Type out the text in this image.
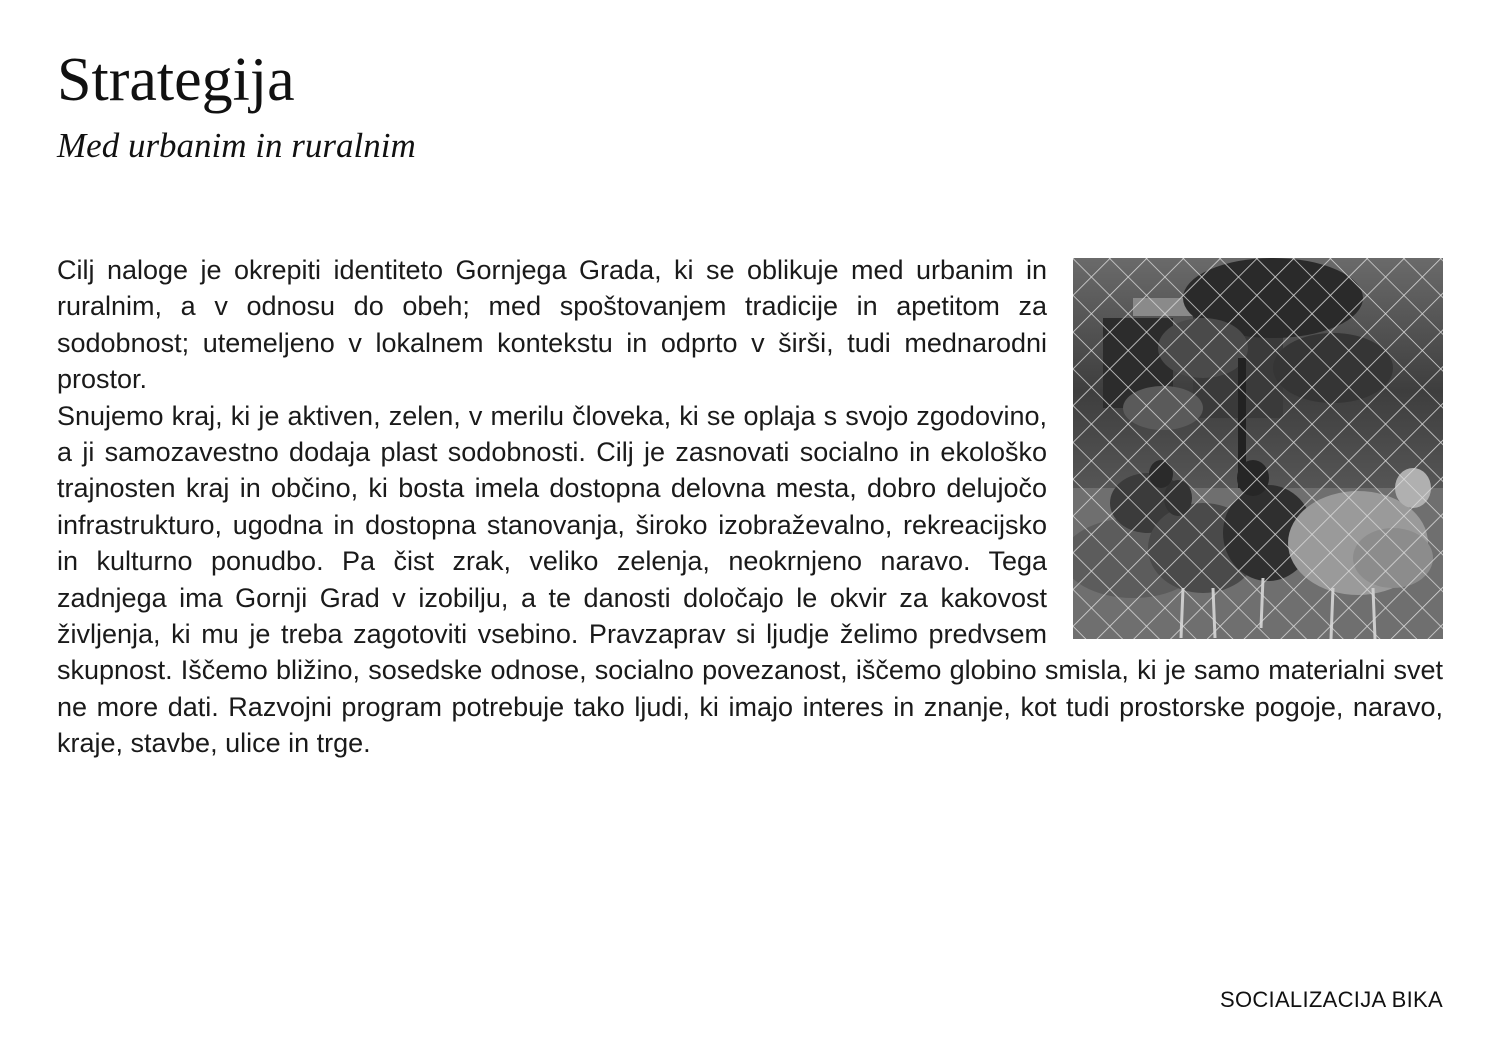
Strategija
Med urbanim in ruralnim

Cilj naloge je okrepiti identiteto Gornjega Grada, ki se oblikuje med urbanim in ruralnim, a v odnosu do obeh; med spoštovanjem tradicije in apetitom za sodobnost; utemeljeno v lokalnem kontekstu in odprto v širši, tudi mednarodni prostor.

Snujemo kraj, ki je aktiven, zelen, v merilu človeka, ki se oplaja s svojo zgodovino, a ji samozavestno dodaja plast sodobnosti. Cilj je zasnovati socialno in ekološko trajnosten kraj in občino, ki bosta imela dostopna delovna mesta, dobro delujočo infrastrukturo, ugodna in dostopna stanovanja, široko izobraževalno, rekreacijsko in kulturno ponudbo. Pa čist zrak, veliko zelenja, neokrnjeno naravo. Tega zadnjega ima Gornji Grad v izobilju, a te danosti določajo le okvir za kakovost življenja, ki mu je treba zagotoviti vsebino. Pravzaprav si ljudje želimo predvsem skupnost. Iščemo bližino, sosedske odnose, socialno povezanost, iščemo globino smisla, ki je samo materialni svet ne more dati. Razvojni program potrebuje tako ljudi, ki imajo interes in znanje, kot tudi prostorske pogoje, naravo, kraje, stavbe, ulice in trge.

SOCIALIZACIJA BIKA
